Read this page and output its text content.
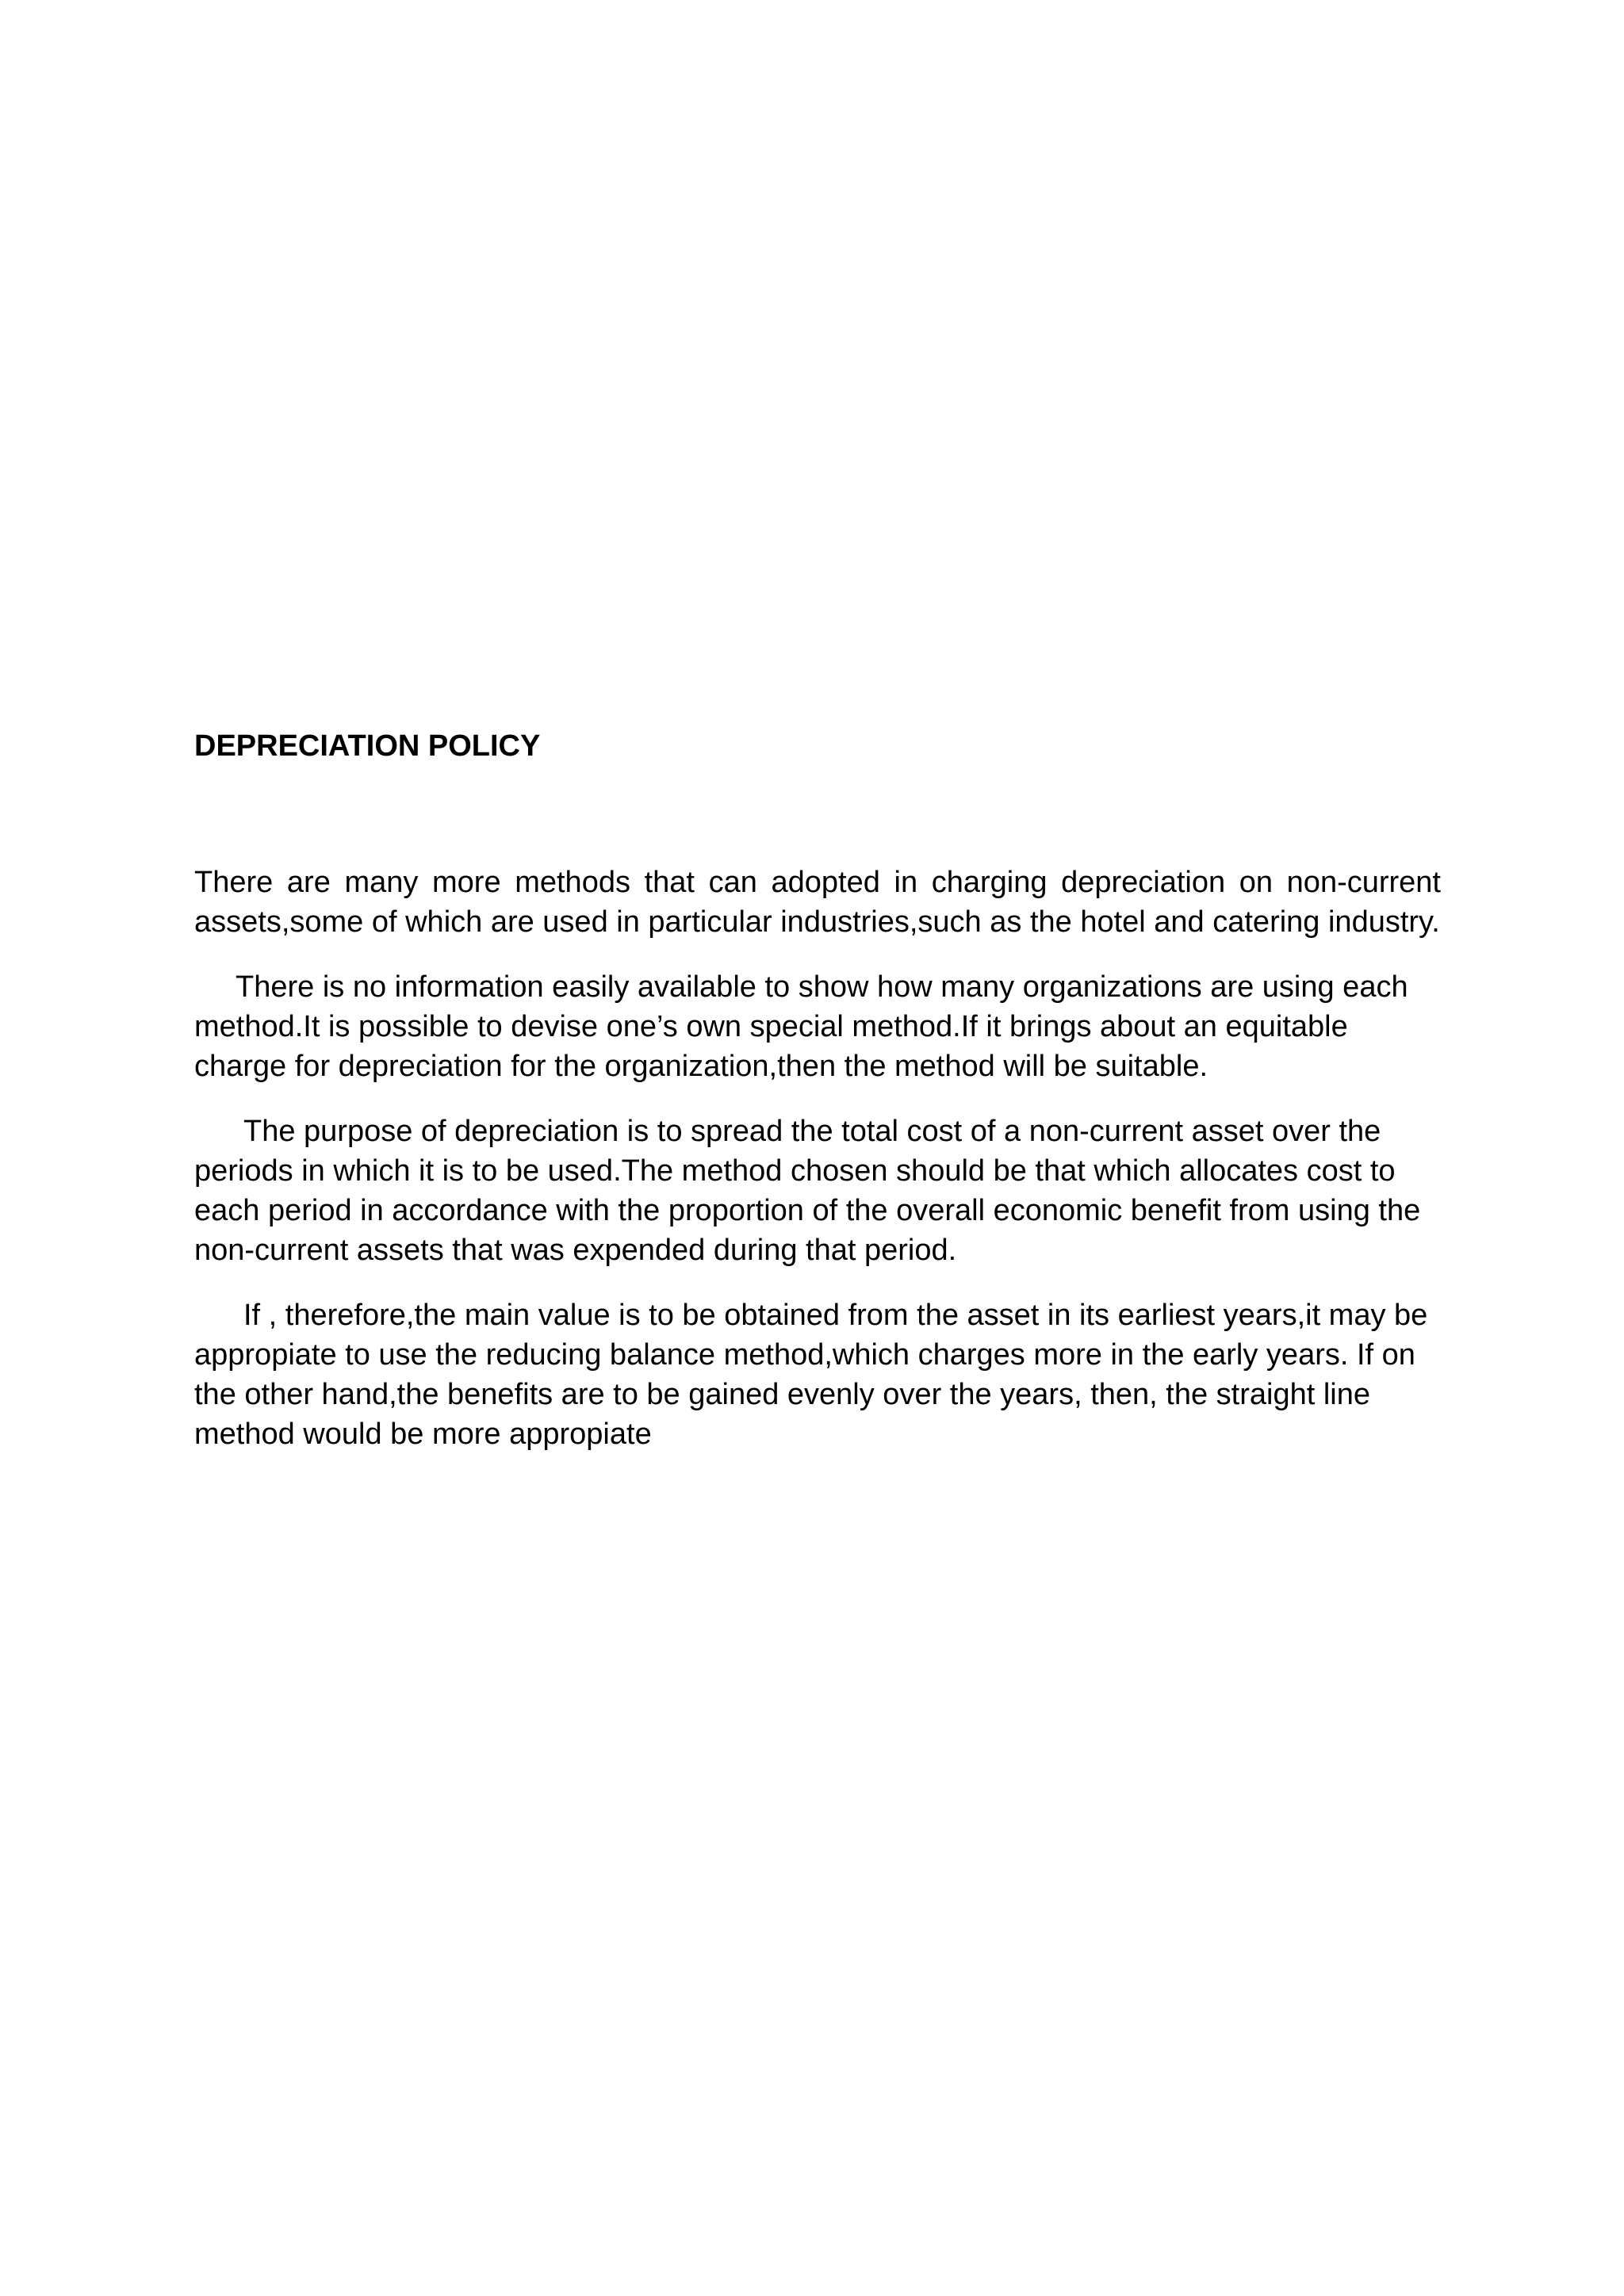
DEPRECIATION POLICY

There are many more methods that can adopted in charging depreciation on non-current assets,some of which are used in particular industries,such as the hotel and catering industry.

There is no information easily available to show how many organizations are using each method.It is possible to devise one’s own special method.If it brings about an equitable charge for depreciation for the organization,then the method will be suitable.

The purpose of depreciation is to spread the total cost of a non-current asset over the periods in which it is to be used.The method chosen should be that which allocates cost to each period in accordance with the proportion of the overall economic benefit from using the non-current assets that was expended during that period.

If , therefore,the main value is to be obtained from the asset in its earliest years,it may be appropiate to use the reducing balance method,which charges more in the early years. If on the other hand,the benefits are to be gained evenly over the years, then, the straight line method would be more appropiate
